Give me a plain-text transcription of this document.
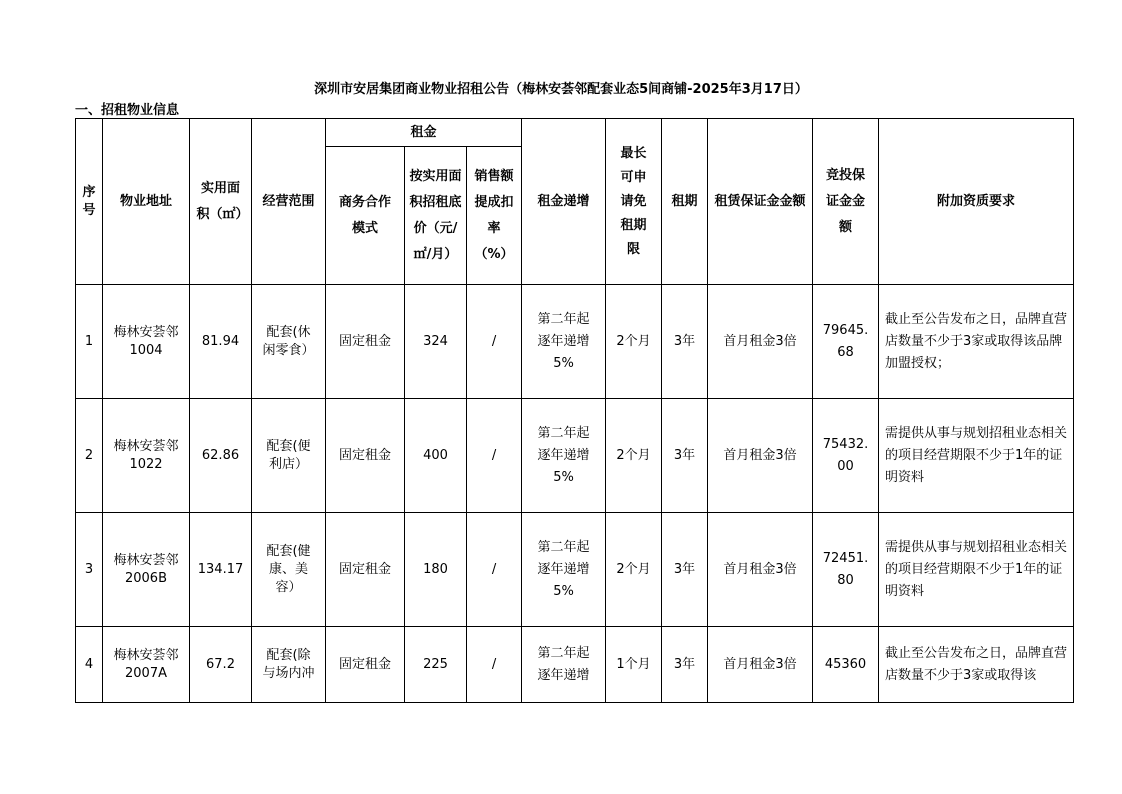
深圳市安居集团商业物业招租公告（梅林安荟邻配套业态5间商铺-2025年3月17日）
一、招租物业信息
序号	物业地址	实用面积（㎡）	经营范围	租金			租金递增	最长可申请免租期限	租期	租赁保证金金额	竞投保证金金额	附加资质要求

				商务合作模式	按实用面积招租底价（元/㎡/月）	销售额提成扣率（%）						

1	梅林安荟邻1004	81.94	配套(休闲零食）	固定租金	324	/	第二年起逐年递增5%	2个月	3年	首月租金3倍	79645.68	截止至公告发布之日，品牌直营店数量不少于3家或取得该品牌加盟授权；
2	梅林安荟邻1022	62.86	配套(便利店）	固定租金	400	/	第二年起逐年递增5%	2个月	3年	首月租金3倍	75432.00	需提供从事与规划招租业态相关的项目经营期限不少于1年的证明资料
3	梅林安荟邻2006B	134.17	配套(健康、美容）	固定租金	180	/	第二年起逐年递增5%	2个月	3年	首月租金3倍	72451.80	需提供从事与规划招租业态相关的项目经营期限不少于1年的证明资料
4	梅林安荟邻2007A	67.2	配套(除与场内冲	固定租金	225	/	第二年起逐年递增	1个月	3年	首月租金3倍	45360	截止至公告发布之日，品牌直营店数量不少于3家或取得该
